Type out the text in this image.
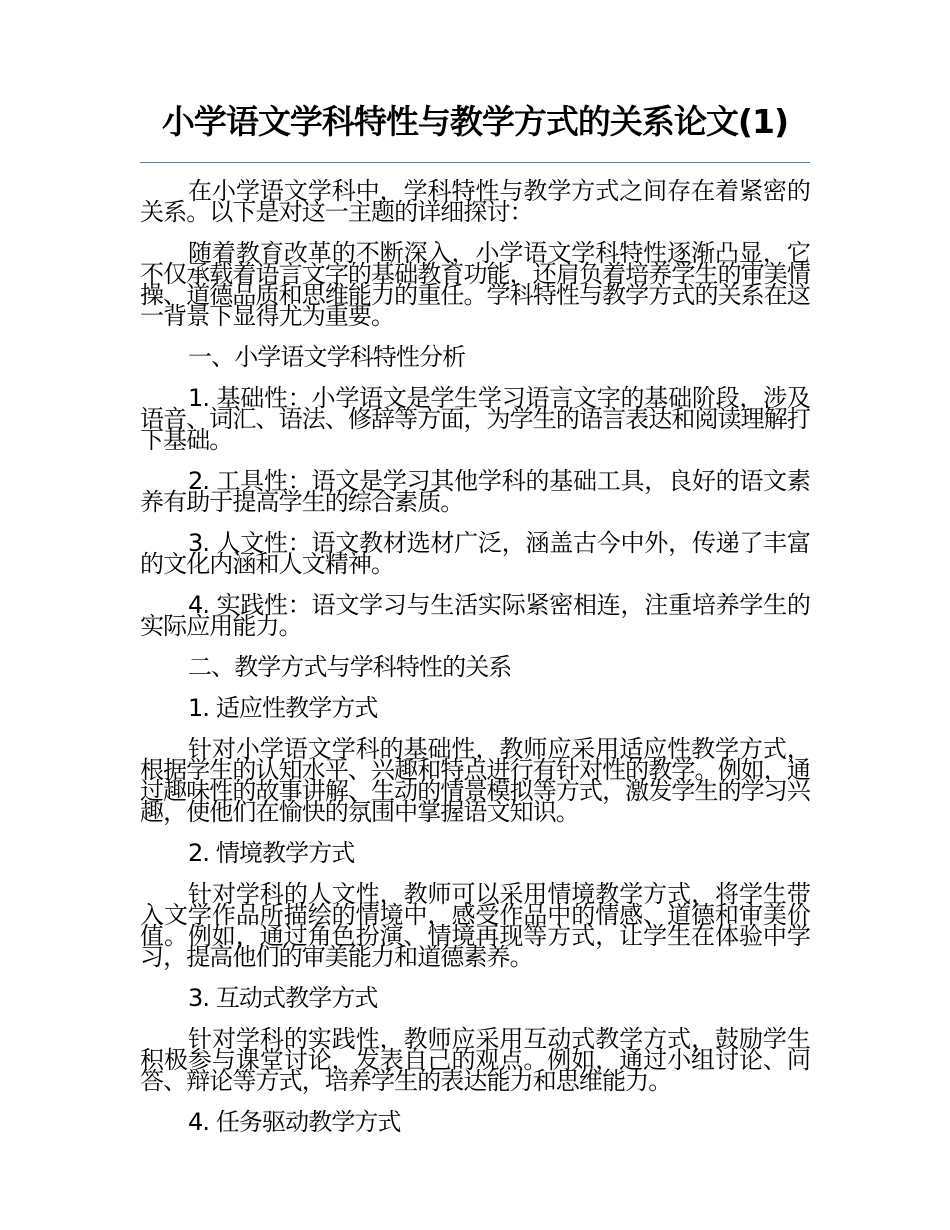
小学语文学科特性与教学方式的关系论文(1)

在小学语文学科中，学科特性与教学方式之间存在着紧密的关系。以下是对这一主题的详细探讨：

随着教育改革的不断深入，小学语文学科特性逐渐凸显，它不仅承载着语言文字的基础教育功能，还肩负着培养学生的审美情操、道德品质和思维能力的重任。学科特性与教学方式的关系在这一背景下显得尤为重要。

一、小学语文学科特性分析

1. 基础性：小学语文是学生学习语言文字的基础阶段，涉及语音、词汇、语法、修辞等方面，为学生的语言表达和阅读理解打下基础。

2. 工具性：语文是学习其他学科的基础工具，良好的语文素养有助于提高学生的综合素质。

3. 人文性：语文教材选材广泛，涵盖古今中外，传递了丰富的文化内涵和人文精神。

4. 实践性：语文学习与生活实际紧密相连，注重培养学生的实际应用能力。

二、教学方式与学科特性的关系

1. 适应性教学方式

针对小学语文学科的基础性，教师应采用适应性教学方式，根据学生的认知水平、兴趣和特点进行有针对性的教学。例如，通过趣味性的故事讲解、生动的情景模拟等方式，激发学生的学习兴趣，使他们在愉快的氛围中掌握语文知识。

2. 情境教学方式

针对学科的人文性，教师可以采用情境教学方式，将学生带入文学作品所描绘的情境中，感受作品中的情感、道德和审美价值。例如，通过角色扮演、情境再现等方式，让学生在体验中学习，提高他们的审美能力和道德素养。

3. 互动式教学方式

针对学科的实践性，教师应采用互动式教学方式，鼓励学生积极参与课堂讨论，发表自己的观点。例如，通过小组讨论、问答、辩论等方式，培养学生的表达能力和思维能力。

4. 任务驱动教学方式
